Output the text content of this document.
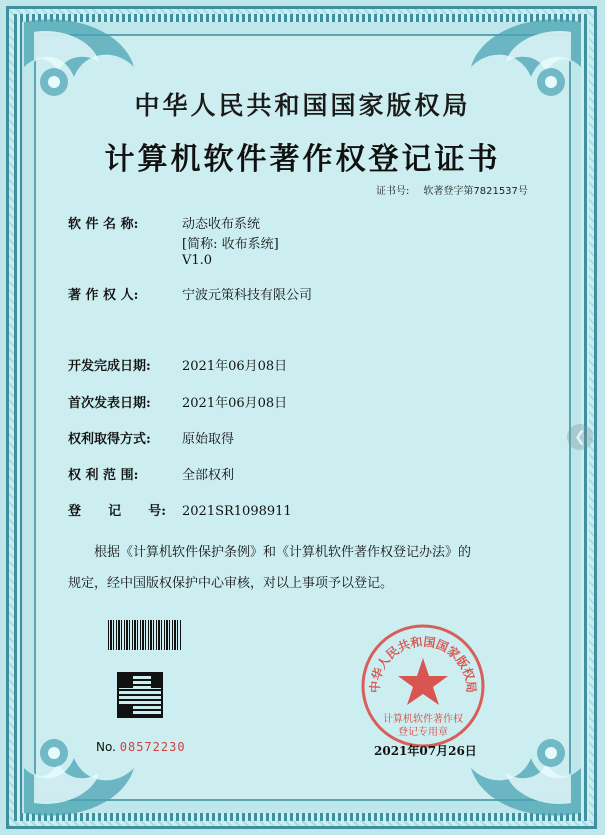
中华人民共和国国家版权局
计算机软件著作权登记证书
证书号: 软著登字第7821537号
软 件 名 称:	动态收布系统
[简称: 收布系统]
V1.0
著 作 权 人:	宁波元策科技有限公司
开发完成日期: 2021年06月08日
首次发表日期: 2021年06月08日
权利取得方式: 原始取得
权 利 范 围:	全部权利
登      记      号: 2021SR1098911
根据《计算机软件保护条例》和《计算机软件著作权登记办法》的
规定，经中国版权保护中心审核，对以上事项予以登记。
No. 08572230
中华人民共和国国家版权局
计算机软件著作权
登记专用章
2021年07月26日
❮
